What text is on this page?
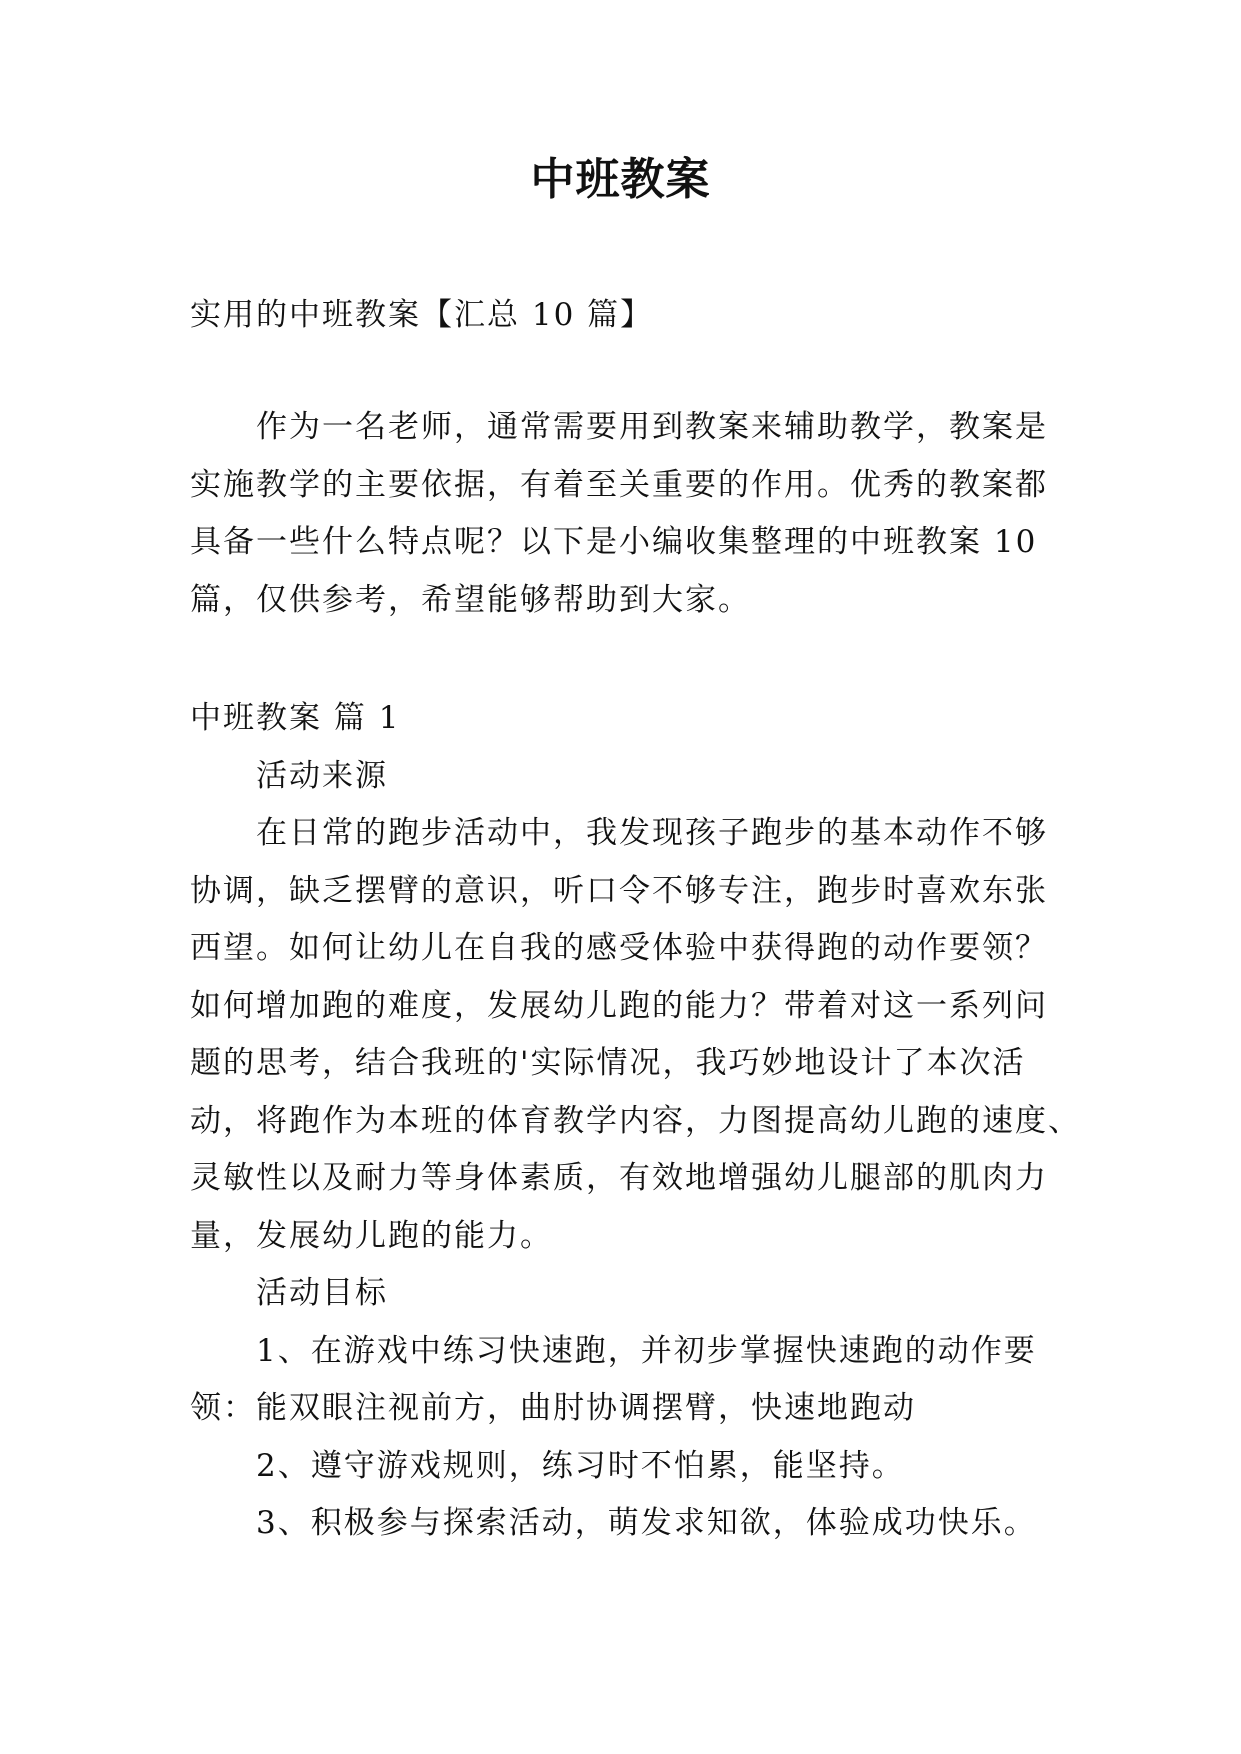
中班教案
实用的中班教案【汇总 10 篇】
作为一名老师，通常需要用到教案来辅助教学，教案是
实施教学的主要依据，有着至关重要的作用。优秀的教案都
具备一些什么特点呢？以下是小编收集整理的中班教案 10
篇，仅供参考，希望能够帮助到大家。
中班教案 篇 1
活动来源
在日常的跑步活动中，我发现孩子跑步的基本动作不够
协调，缺乏摆臂的意识，听口令不够专注，跑步时喜欢东张
西望。如何让幼儿在自我的感受体验中获得跑的动作要领？
如何增加跑的难度，发展幼儿跑的能力？带着对这一系列问
题的思考，结合我班的'实际情况，我巧妙地设计了本次活
动，将跑作为本班的体育教学内容，力图提高幼儿跑的速度、
灵敏性以及耐力等身体素质，有效地增强幼儿腿部的肌肉力
量，发展幼儿跑的能力。
活动目标
1、在游戏中练习快速跑，并初步掌握快速跑的动作要
领：能双眼注视前方，曲肘协调摆臂，快速地跑动
2、遵守游戏规则，练习时不怕累，能坚持。
3、积极参与探索活动，萌发求知欲，体验成功快乐。
